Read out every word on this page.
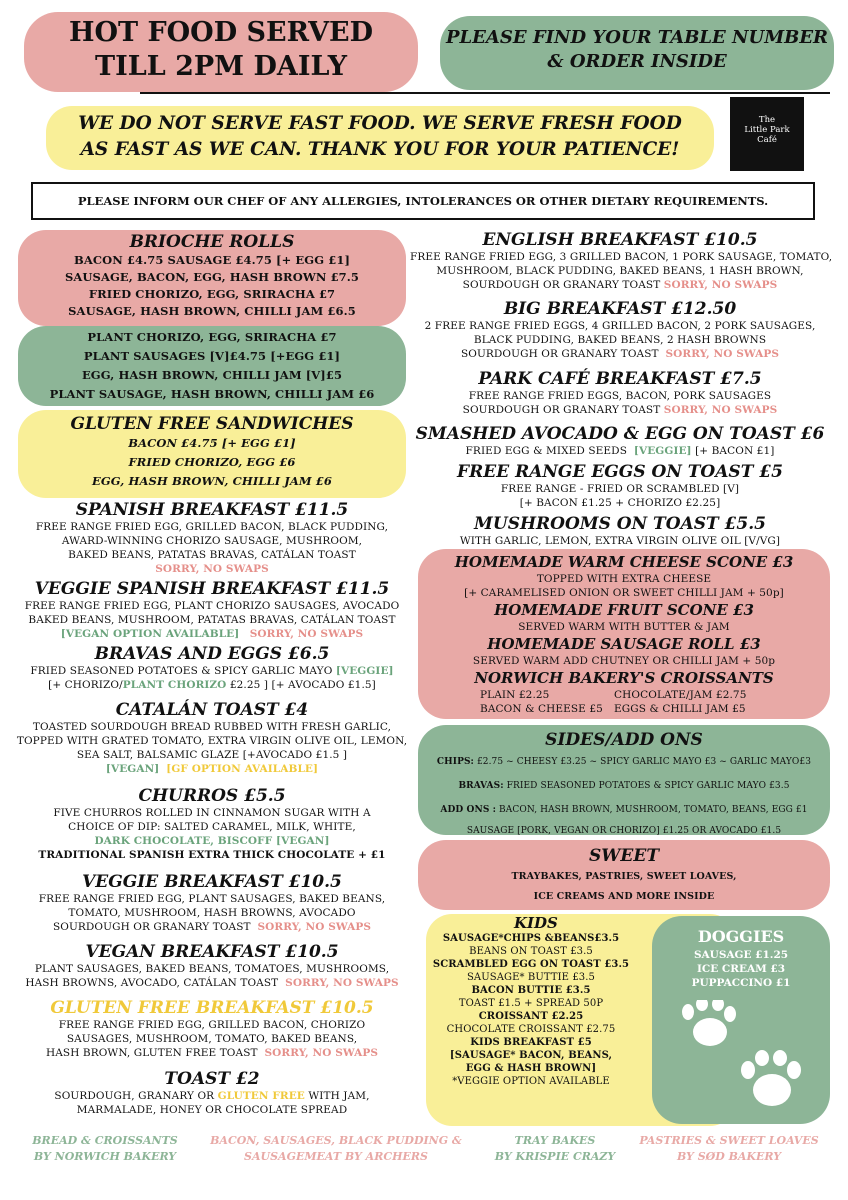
HOT FOOD SERVED
TILL 2PM DAILY
PLEASE FIND YOUR TABLE NUMBER
& ORDER INSIDE
WE DO NOT SERVE FAST FOOD. WE SERVE FRESH FOOD
AS FAST AS WE CAN. THANK YOU FOR YOUR PATIENCE!
The
Little Park
Café
PLEASE INFORM OUR CHEF OF ANY ALLERGIES, INTOLERANCES OR OTHER DIETARY REQUIREMENTS.
BRIOCHE ROLLS
BACON £4.75 SAUSAGE £4.75 [+ EGG £1]
SAUSAGE, BACON, EGG, HASH BROWN £7.5
FRIED CHORIZO, EGG, SRIRACHA £7
SAUSAGE, HASH BROWN, CHILLI JAM £6.5
PLANT CHORIZO, EGG, SRIRACHA £7
PLANT SAUSAGES [V]£4.75 [+EGG £1]
EGG, HASH BROWN, CHILLI JAM [V]£5
PLANT SAUSAGE, HASH BROWN, CHILLI JAM £6
GLUTEN FREE SANDWICHES
BACON £4.75 [+ EGG £1]
FRIED CHORIZO, EGG £6
EGG, HASH BROWN, CHILLI JAM £6
SPANISH BREAKFAST £11.5
FREE RANGE FRIED EGG, GRILLED BACON, BLACK PUDDING,
AWARD-WINNING CHORIZO SAUSAGE, MUSHROOM,
BAKED BEANS, PATATAS BRAVAS, CATÁLAN TOAST
SORRY, NO SWAPS
VEGGIE SPANISH BREAKFAST £11.5
FREE RANGE FRIED EGG, PLANT CHORIZO SAUSAGES, AVOCADO
BAKED BEANS, MUSHROOM, PATATAS BRAVAS, CATÁLAN TOAST
[VEGAN OPTION AVAILABLE] SORRY, NO SWAPS
BRAVAS AND EGGS £6.5
FRIED SEASONED POTATOES & SPICY GARLIC MAYO [VEGGIE]
[+ CHORIZO/PLANT CHORIZO £2.25 ] [+ AVOCADO £1.5]
CATALÁN TOAST £4
TOASTED SOURDOUGH BREAD RUBBED WITH FRESH GARLIC,
TOPPED WITH GRATED TOMATO, EXTRA VIRGIN OLIVE OIL, LEMON,
SEA SALT, BALSAMIC GLAZE [+AVOCADO £1.5 ]
[VEGAN] [GF OPTION AVAILABLE]
CHURROS £5.5
FIVE CHURROS ROLLED IN CINNAMON SUGAR WITH A
CHOICE OF DIP: SALTED CARAMEL, MILK, WHITE,
DARK CHOCOLATE, BISCOFF [VEGAN]
TRADITIONAL SPANISH EXTRA THICK CHOCOLATE + £1
VEGGIE BREAKFAST £10.5
FREE RANGE FRIED EGG, PLANT SAUSAGES, BAKED BEANS,
TOMATO, MUSHROOM, HASH BROWNS, AVOCADO
SOURDOUGH OR GRANARY TOAST SORRY, NO SWAPS
VEGAN BREAKFAST £10.5
PLANT SAUSAGES, BAKED BEANS, TOMATOES, MUSHROOMS,
HASH BROWNS, AVOCADO, CATÁLAN TOAST SORRY, NO SWAPS
GLUTEN FREE BREAKFAST £10.5
FREE RANGE FRIED EGG, GRILLED BACON, CHORIZO
SAUSAGES, MUSHROOM, TOMATO, BAKED BEANS,
HASH BROWN, GLUTEN FREE TOAST SORRY, NO SWAPS
TOAST £2
SOURDOUGH, GRANARY OR GLUTEN FREE WITH JAM,
MARMALADE, HONEY OR CHOCOLATE SPREAD
ENGLISH BREAKFAST £10.5
FREE RANGE FRIED EGG, 3 GRILLED BACON, 1 PORK SAUSAGE, TOMATO,
MUSHROOM, BLACK PUDDING, BAKED BEANS, 1 HASH BROWN,
SOURDOUGH OR GRANARY TOAST SORRY, NO SWAPS
BIG BREAKFAST £12.50
2 FREE RANGE FRIED EGGS, 4 GRILLED BACON, 2 PORK SAUSAGES,
BLACK PUDDING, BAKED BEANS, 2 HASH BROWNS
SOURDOUGH OR GRANARY TOAST SORRY, NO SWAPS
PARK CAFÉ BREAKFAST £7.5
FREE RANGE FRIED EGGS, BACON, PORK SAUSAGES
SOURDOUGH OR GRANARY TOAST SORRY, NO SWAPS
SMASHED AVOCADO & EGG ON TOAST £6
FRIED EGG & MIXED SEEDS [VEGGIE] [+ BACON £1]
FREE RANGE EGGS ON TOAST £5
FREE RANGE - FRIED OR SCRAMBLED [V]
[+ BACON £1.25 + CHORIZO £2.25]
MUSHROOMS ON TOAST £5.5
WITH GARLIC, LEMON, EXTRA VIRGIN OLIVE OIL [V/VG]
HOMEMADE WARM CHEESE SCONE £3
TOPPED WITH EXTRA CHEESE
[+ CARAMELISED ONION OR SWEET CHILLI JAM + 50p]
HOMEMADE FRUIT SCONE £3
SERVED WARM WITH BUTTER & JAM
HOMEMADE SAUSAGE ROLL £3
SERVED WARM ADD CHUTNEY OR CHILLI JAM + 50p
NORWICH BAKERY'S CROISSANTS
PLAIN £2.25	CHOCOLATE/JAM £2.75
BACON & CHEESE £5 EGGS & CHILLI JAM £5
SIDES/ADD ONS
CHIPS: £2.75 ~ CHEESY £3.25 ~ SPICY GARLIC MAYO £3 ~ GARLIC MAYO£3
BRAVAS: FRIED SEASONED POTATOES & SPICY GARLIC MAYO £3.5
ADD ONS : BACON, HASH BROWN, MUSHROOM, TOMATO, BEANS, EGG £1
SAUSAGE [PORK, VEGAN OR CHORIZO] £1.25 OR AVOCADO £1.5
SWEET
TRAYBAKES, PASTRIES, SWEET LOAVES,
ICE CREAMS AND MORE INSIDE
KIDS
SAUSAGE*CHIPS &BEANS£3.5
BEANS ON TOAST £3.5
SCRAMBLED EGG ON TOAST £3.5
SAUSAGE* BUTTIE £3.5
BACON BUTTIE £3.5
TOAST £1.5 + SPREAD 50P
CROISSANT £2.25
CHOCOLATE CROISSANT £2.75
KIDS BREAKFAST £5
[SAUSAGE* BACON, BEANS,
EGG & HASH BROWN]
*VEGGIE OPTION AVAILABLE
DOGGIES
SAUSAGE £1.25
ICE CREAM £3
PUPPACCINO £1
BREAD & CROISSANTS
BY NORWICH BAKERY
BACON, SAUSAGES, BLACK PUDDING &
SAUSAGEMEAT BY ARCHERS
TRAY BAKES
BY KRISPIE CRAZY
PASTRIES & SWEET LOAVES
BY SØD BAKERY
